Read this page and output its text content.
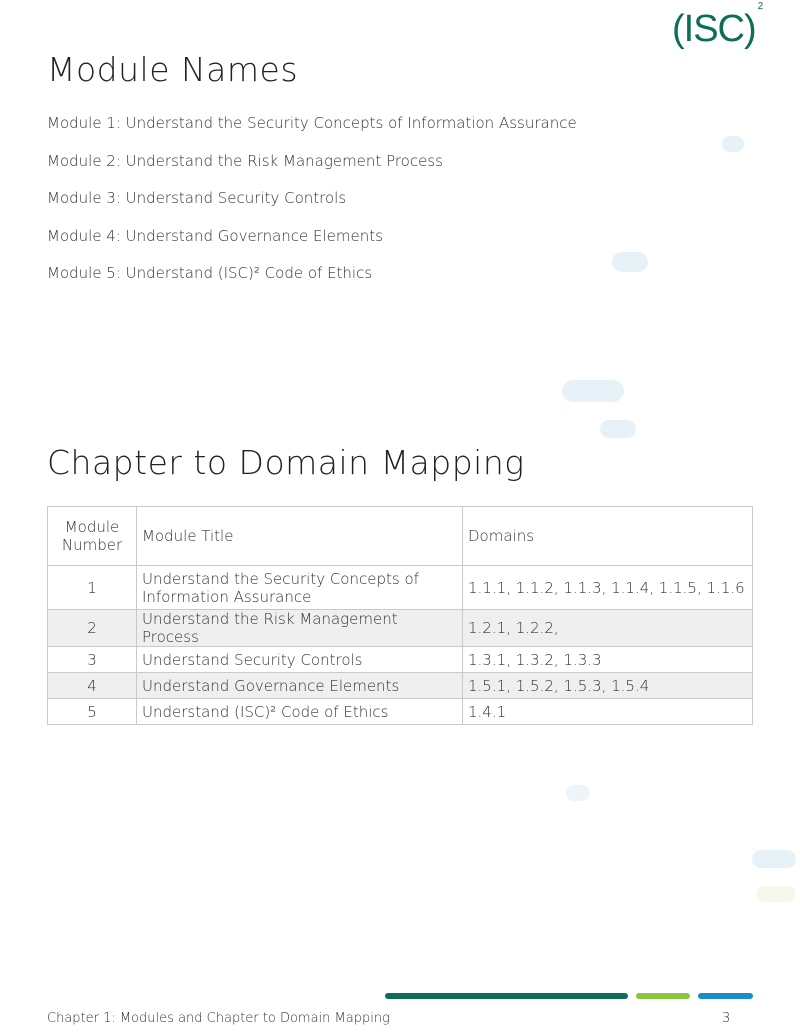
(ISC)$^2$
Module Names
Module 1: Understand the Security Concepts of Information Assurance
Module 2: Understand the Risk Management Process
Module 3: Understand Security Controls
Module 4: Understand Governance Elements
Module 5: Understand (ISC)² Code of Ethics
Chapter to Domain Mapping
Module
Number	Module Title	Domains
1	Understand the Security Concepts of Information Assurance	1.1.1, 1.1.2, 1.1.3, 1.1.4, 1.1.5, 1.1.6
2	Understand the Risk Management Process	1.2.1, 1.2.2,
3	Understand Security Controls	1.3.1, 1.3.2, 1.3.3
4	Understand Governance Elements	1.5.1, 1.5.2, 1.5.3, 1.5.4
5	Understand (ISC)² Code of Ethics	1.4.1
Chapter 1: Modules and Chapter to Domain Mapping	3
